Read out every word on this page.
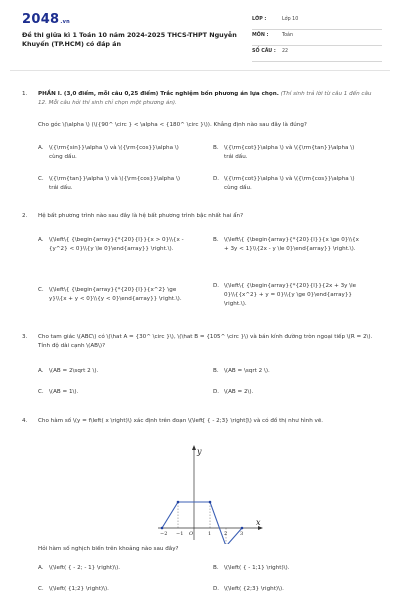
2048.vn
Đề thi giữa kì 1 Toán 10 năm 2024-2025 THCS-THPT Nguyễn Khuyến (TP.HCM) có đáp án
LỚP :	Lớp 10
MÔN :	Toán
SỐ CÂU : 22
1. PHẦN I. (3,0 điểm, mỗi câu 0,25 điểm) Trắc nghiệm bốn phương án lựa chọn. (Thí sinh trả lời từ câu 1 đến câu 12. Mỗi câu hỏi thí sinh chỉ chọn một phương án).
Cho góc \(\alpha \) (\({90^ \circ } < \alpha < {180^ \circ }\)). Khẳng định nào sau đây là đúng?
A. \({\rm{sin}}\alpha \) và \({\rm{cos}}\alpha \) cùng dấu.
B. \({\rm{cot}}\alpha \) và \({\rm{tan}}\alpha \) trái dấu.
C. \({\rm{tan}}\alpha \) và \({\rm{cos}}\alpha \) trái dấu.
D. \({\rm{cot}}\alpha \) và \({\rm{cos}}\alpha \) cùng dấu.
2. Hệ bất phương trình nào sau đây là hệ bất phương trình bậc nhất hai ẩn?
A. \(\left\{ {\begin{array}{*{20}{l}}{x > 0}\\{x - {y^2} < 0}\\{y \le 0}\end{array}} \right.\).
B. \(\left\{ {\begin{array}{*{20}{l}}{x \ge 0}\\{x + 3y < 1}\\{2x - y \le 0}\end{array}} \right.\).
C. \(\left\{ {\begin{array}{*{20}{l}}{x^2} \ge y}\\{x + y < 0}\\{y < 0}\end{array}} \right.\).
D. \(\left\{ {\begin{array}{*{20}{l}}{2x + 3y \le 0}\\{{x^2} + y = 0}\\{y \ge 0}\end{array}} \right.\).
3. Cho tam giác \(ABC\) có \(\hat A = {30^ \circ }\), \(\hat B = {105^ \circ }\) và bán kính đường tròn ngoại tiếp \(R = 2\). Tính độ dài cạnh \(AB\)?
A. \(AB = 2\sqrt 2 \).	B. \(AB = \sqrt 2 \).
C. \(AB = 1\).	D. \(AB = 2\).
4. Cho hàm số \(y = f\left( x \right)\) xác định trên đoạn \(\left[ { - 2;3} \right]\) và có đồ thị như hình vẽ.
x
y
O
−2 −1	1	2	3
Hỏi hàm số nghịch biến trên khoảng nào sau đây?
A. \(\left( { - 2; - 1} \right)\).	B. \(\left( { - 1;1} \right)\).
C. \(\left( {1;2} \right)\).	D. \(\left( {2;3} \right)\).
